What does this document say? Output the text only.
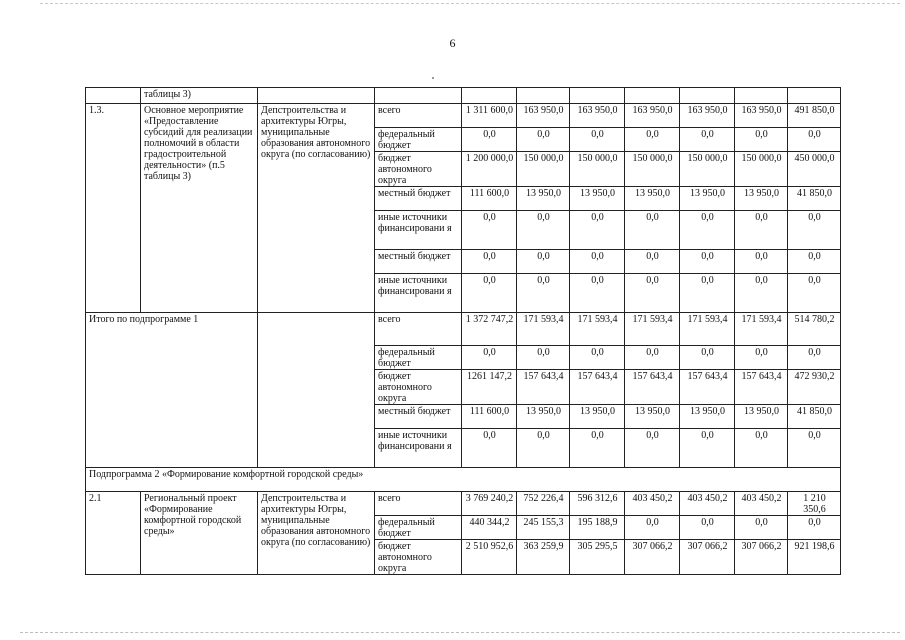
6
	таблицы 3)									
1.3.	Основное мероприятие «Предоставление субсидий для реализации полномочий в области градостроительной деятельности» (п.5 таблицы 3)	Депстроительства и архитектуры Югры, муниципальные образования автономного округа (по согласованию)	всего	1 311 600,0	163 950,0	163 950,0	163 950,0	163 950,0	163 950,0	491 850,0
			федеральный бюджет	0,0	0,0	0,0	0,0	0,0	0,0	0,0
			бюджет автономного округа	1 200 000,0	150 000,0	150 000,0	150 000,0	150 000,0	150 000,0	450 000,0
			местный бюджет	111 600,0	13 950,0	13 950,0	13 950,0	13 950,0	13 950,0	41 850,0
			иные источники финансировани я	0,0	0,0	0,0	0,0	0,0	0,0	0,0
			местный бюджет	0,0	0,0	0,0	0,0	0,0	0,0	0,0
			иные источники финансировани я	0,0	0,0	0,0	0,0	0,0	0,0	0,0
Итого по подпрограмме 1			всего	1 372 747,2	171 593,4	171 593,4	171 593,4	171 593,4	171 593,4	514 780,2
			федеральный бюджет	0,0	0,0	0,0	0,0	0,0	0,0	0,0
			бюджет автономного округа	1261 147,2	157 643,4	157 643,4	157 643,4	157 643,4	157 643,4	472 930,2
			местный бюджет	111 600,0	13 950,0	13 950,0	13 950,0	13 950,0	13 950,0	41 850,0
			иные источники финансировани я	0,0	0,0	0,0	0,0	0,0	0,0	0,0
Подпрограмма 2 «Формирование комфортной городской среды»										
2.1	Региональный проект «Формирование комфортной городской среды»	Депстроительства и архитектуры Югры, муниципальные образования автономного округа (по согласованию)	всего	3 769 240,2	752 226,4	596 312,6	403 450,2	403 450,2	403 450,2	1 210 350,6
			федеральный бюджет	440 344,2	245 155,3	195 188,9	0,0	0,0	0,0	0,0
			бюджет автономного округа	2 510 952,6	363 259,9	305 295,5	307 066,2	307 066,2	307 066,2	921 198,6
